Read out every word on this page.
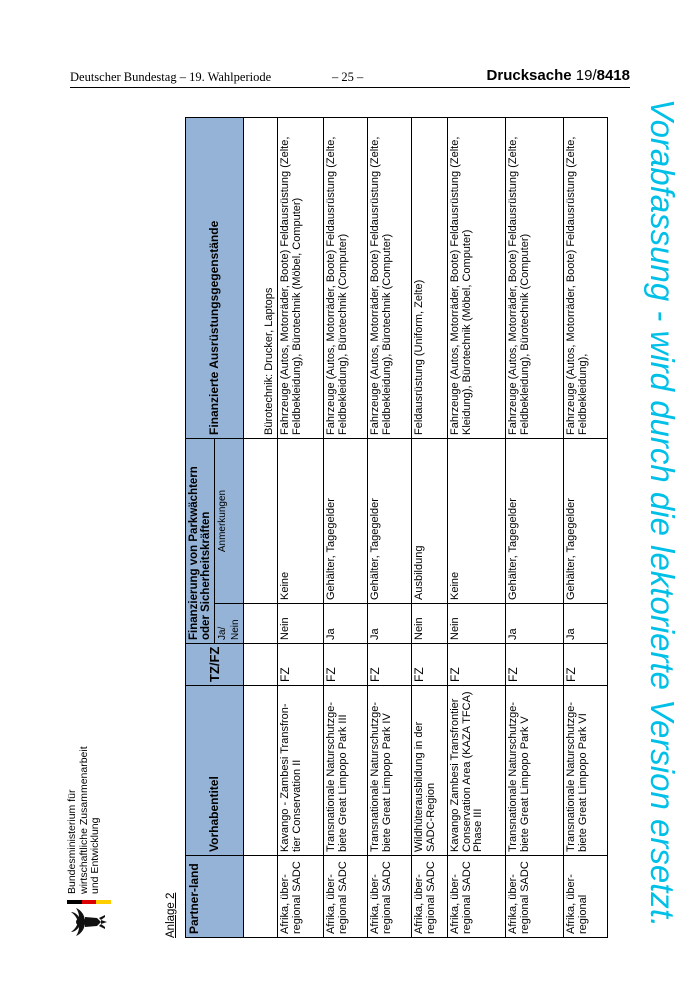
Deutscher Bundestag – 19. Wahlperiode	– 25 –	Drucksache 19/8418
Vorabfassung - wird durch die lektorierte Version ersetzt.
Bundesministerium für wirtschaftliche Zusammenarbeit und Entwicklung
Anlage 2 Partner-land	Vorhabentitel	TZ/FZ	Finanzierung von Parkwächtern oder Sicherheitskräften		Finanzierte Ausrüstungsgegenstände
			Ja/ Nein	Anmerkungen	
					Bürotechnik: Drucker, Laptops
Afrika, über-regional SADC	Kavango - Zambesi Transfron-tier Conservation II	FZ	Nein	Keine	Fahrzeuge (Autos, Motorräder, Boote) Feldausrüstung (Zelte, Feldbekleidung), Bürotechnik (Möbel, Computer)
Afrika, über-regional SADC	Transnationale Naturschutzge-biete Great Limpopo Park III	FZ	Ja	Gehälter, Tagegelder	Fahrzeuge (Autos, Motorräder, Boote) Feldausrüstung (Zelte, Feldbekleidung), Bürotechnik (Computer)
Afrika, über-regional SADC	Transnationale Naturschutzge-biete Great Limpopo Park IV	FZ	Ja	Gehälter, Tagegelder	Fahrzeuge (Autos, Motorräder, Boote) Feldausrüstung (Zelte, Feldbekleidung), Bürotechnik (Computer)
Afrika, über-regional SADC	Wildhüterausbildung in der SADC-Region	FZ	Nein	Ausbildung	Feldausrüstung (Uniform, Zelte)
Afrika, über-regional SADC	Kavango Zambesi Transfrontier Conservation Area (KAZA TFCA) Phase III	FZ	Nein	Keine	Fahrzeuge (Autos, Motorräder, Boote) Feldausrüstung (Zelte, Kleidung), Bürotechnik (Möbel, Computer)
Afrika, über-regional SADC	Transnationale Naturschutzge-biete Great Limpopo Park V	FZ	Ja	Gehälter, Tagegelder	Fahrzeuge (Autos, Motorräder, Boote) Feldausrüstung (Zelte, Feldbekleidung), Bürotechnik (Computer)
Afrika, über-regional	Transnationale Naturschutzge-biete Great Limpopo Park VI	FZ	Ja	Gehälter, Tagegelder	Fahrzeuge (Autos, Motorräder, Boote) Feldausrüstung (Zelte, Feldbekleidung),
